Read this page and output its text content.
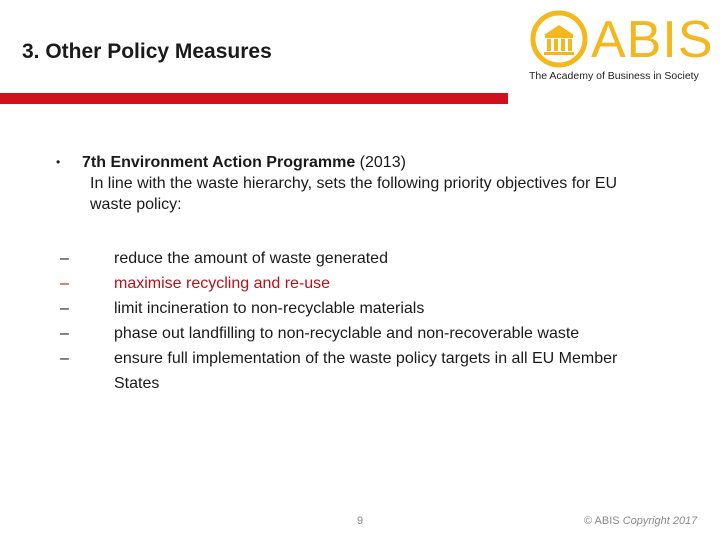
3. Other Policy Measures	ABIS
The Academy of Business in Society
•	7th Environment Action Programme (2013)
In line with the waste hierarchy, sets the following priority objectives for EU waste policy:
–	reduce the amount of waste generated
–	maximise recycling and re-use
–	limit incineration to non-recyclable materials
–	phase out landfilling to non-recyclable and non-recoverable waste
–	ensure full implementation of the waste policy targets in all EU Member States
9	© ABIS Copyright 2017
